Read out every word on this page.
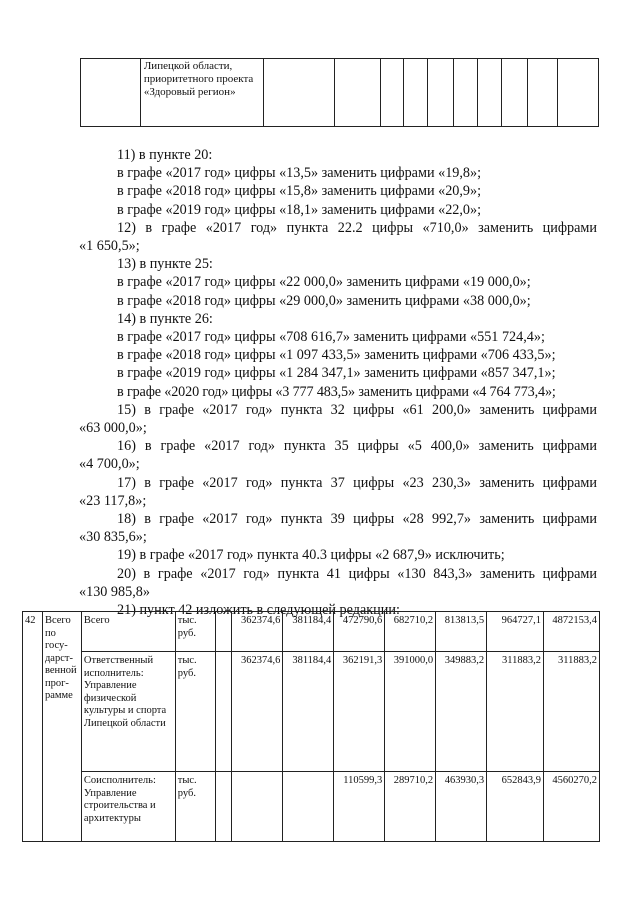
	Липецкой области, приоритетного проекта «Здоровый регион»										
11) в пункте 20:
в графе «2017 год» цифры «13,5» заменить цифрами «19,8»;
в графе «2018 год» цифры «15,8» заменить цифрами «20,9»;
в графе «2019 год» цифры «18,1» заменить цифрами «22,0»;
12) в графе «2017 год» пункта 22.2 цифры «710,0» заменить цифрами
«1 650,5»;
13) в пункте 25:
в графе «2017 год» цифры «22 000,0» заменить цифрами «19 000,0»;
в графе «2018 год» цифры «29 000,0» заменить цифрами «38 000,0»;
14) в пункте 26:
в графе «2017 год» цифры «708 616,7» заменить цифрами «551 724,4»;
в графе «2018 год» цифры «1 097 433,5» заменить цифрами «706 433,5»;
в графе «2019 год» цифры «1 284 347,1» заменить цифрами «857 347,1»;
в графе «2020 год» цифры «3 777 483,5» заменить цифрами «4 764 773,4»;
15) в графе «2017 год» пункта 32 цифры «61 200,0» заменить цифрами
«63 000,0»;
16) в графе «2017 год» пункта 35 цифры «5 400,0» заменить цифрами
«4 700,0»;
17) в графе «2017 год» пункта 37 цифры «23 230,3» заменить цифрами
«23 117,8»;
18) в графе «2017 год» пункта 39 цифры «28 992,7» заменить цифрами
«30 835,6»;
19) в графе «2017 год» пункта 40.3 цифры «2 687,9» исключить;
20) в графе «2017 год» пункта 41 цифры «130 843,3» заменить цифрами
«130 985,8»
21) пункт 42 изложить в следующей редакции:
42	Всего по госу-дарст-венной прог-рамме	Всего	тыс. руб.		362374,6	381184,4	472790,6	682710,2	813813,5	964727,1	4872153,4
		Ответственный исполнитель: Управление физической культуры и спорта Липецкой области	тыс. руб.		362374,6	381184,4	362191,3	391000,0	349883,2	311883,2	311883,2
		Соисполнитель: Управление строительства и архитектуры	тыс. руб.				110599,3	289710,2	463930,3	652843,9	4560270,2
